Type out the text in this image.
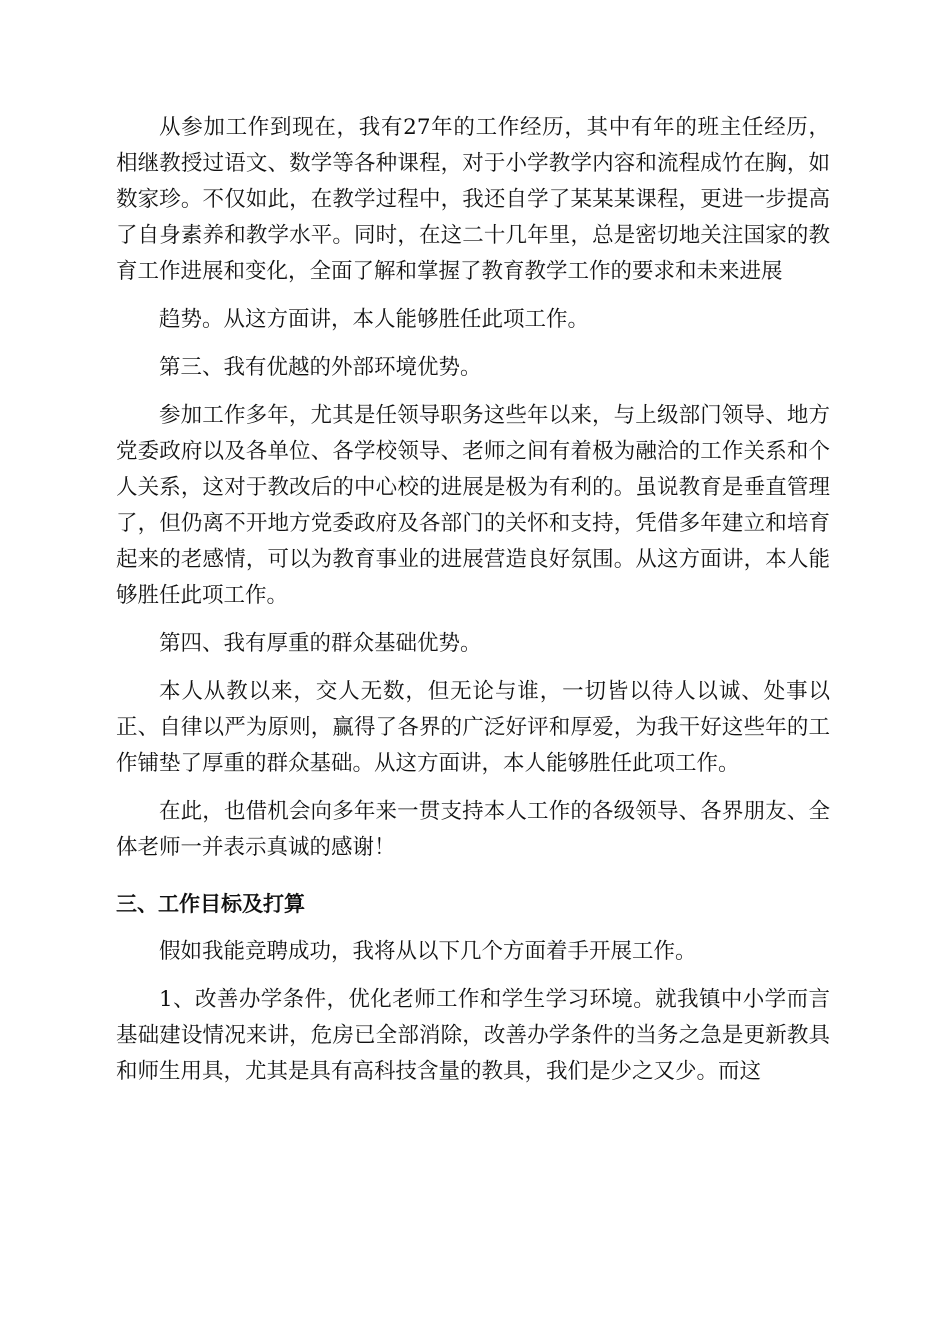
从参加工作到现在，我有27年的工作经历，其中有年的班主任经历，相继教授过语文、数学等各种课程，对于小学教学内容和流程成竹在胸，如数家珍。不仅如此，在教学过程中，我还自学了某某某课程，更进一步提高了自身素养和教学水平。同时，在这二十几年里，总是密切地关注国家的教育工作进展和变化，全面了解和掌握了教育教学工作的要求和未来进展

趋势。从这方面讲，本人能够胜任此项工作。

第三、我有优越的外部环境优势。

参加工作多年，尤其是任领导职务这些年以来，与上级部门领导、地方党委政府以及各单位、各学校领导、老师之间有着极为融洽的工作关系和个人关系，这对于教改后的中心校的进展是极为有利的。虽说教育是垂直管理了，但仍离不开地方党委政府及各部门的关怀和支持，凭借多年建立和培育起来的老感情，可以为教育事业的进展营造良好氛围。从这方面讲，本人能够胜任此项工作。

第四、我有厚重的群众基础优势。

本人从教以来，交人无数，但无论与谁，一切皆以待人以诚、处事以正、自律以严为原则，赢得了各界的广泛好评和厚爱，为我干好这些年的工作铺垫了厚重的群众基础。从这方面讲，本人能够胜任此项工作。

在此，也借机会向多年来一贯支持本人工作的各级领导、各界朋友、全体老师一并表示真诚的感谢！

三、工作目标及打算

假如我能竞聘成功，我将从以下几个方面着手开展工作。

1、改善办学条件，优化老师工作和学生学习环境。就我镇中小学而言基础建设情况来讲，危房已全部消除，改善办学条件的当务之急是更新教具和师生用具，尤其是具有高科技含量的教具，我们是少之又少。而这
